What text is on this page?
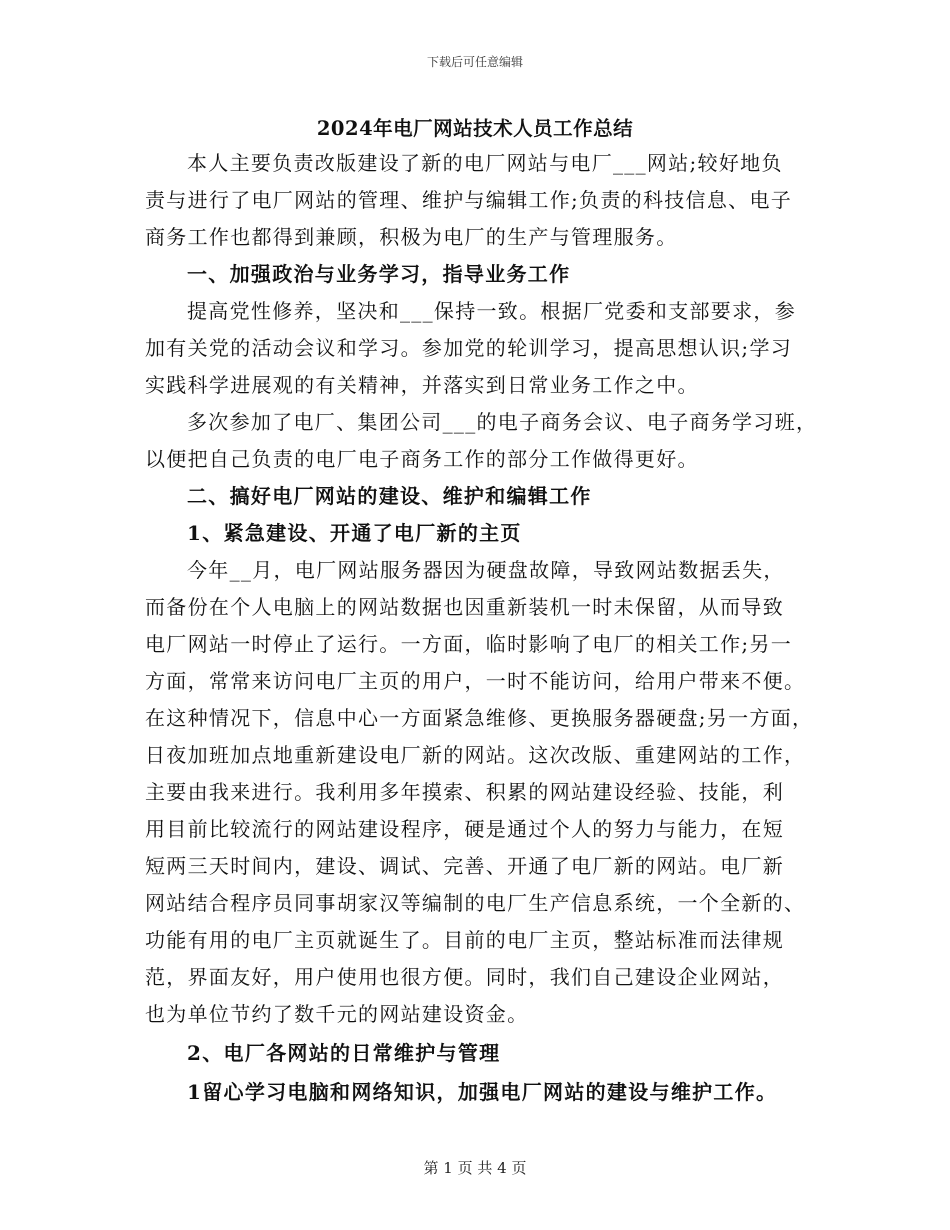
下载后可任意编辑
2024年电厂网站技术人员工作总结
本人主要负责改版建设了新的电厂网站与电厂___网站;较好地负
责与进行了电厂网站的管理、维护与编辑工作;负责的科技信息、电子
商务工作也都得到兼顾，积极为电厂的生产与管理服务。
一、加强政治与业务学习，指导业务工作
提高党性修养，坚决和___保持一致。根据厂党委和支部要求，参
加有关党的活动会议和学习。参加党的轮训学习，提高思想认识;学习
实践科学进展观的有关精神，并落实到日常业务工作之中。
多次参加了电厂、集团公司___的电子商务会议、电子商务学习班，
以便把自己负责的电厂电子商务工作的部分工作做得更好。
二、搞好电厂网站的建设、维护和编辑工作
1、紧急建设、开通了电厂新的主页
今年__月，电厂网站服务器因为硬盘故障，导致网站数据丢失，
而备份在个人电脑上的网站数据也因重新装机一时未保留，从而导致
电厂网站一时停止了运行。一方面，临时影响了电厂的相关工作;另一
方面，常常来访问电厂主页的用户，一时不能访问，给用户带来不便。
在这种情况下，信息中心一方面紧急维修、更换服务器硬盘;另一方面，
日夜加班加点地重新建设电厂新的网站。这次改版、重建网站的工作，
主要由我来进行。我利用多年摸索、积累的网站建设经验、技能，利
用目前比较流行的网站建设程序，硬是通过个人的努力与能力，在短
短两三天时间内，建设、调试、完善、开通了电厂新的网站。电厂新
网站结合程序员同事胡家汉等编制的电厂生产信息系统，一个全新的、
功能有用的电厂主页就诞生了。目前的电厂主页，整站标准而法律规
范，界面友好，用户使用也很方便。同时，我们自己建设企业网站，
也为单位节约了数千元的网站建设资金。
2、电厂各网站的日常维护与管理
1留心学习电脑和网络知识，加强电厂网站的建设与维护工作。
第 1 页 共 4 页
